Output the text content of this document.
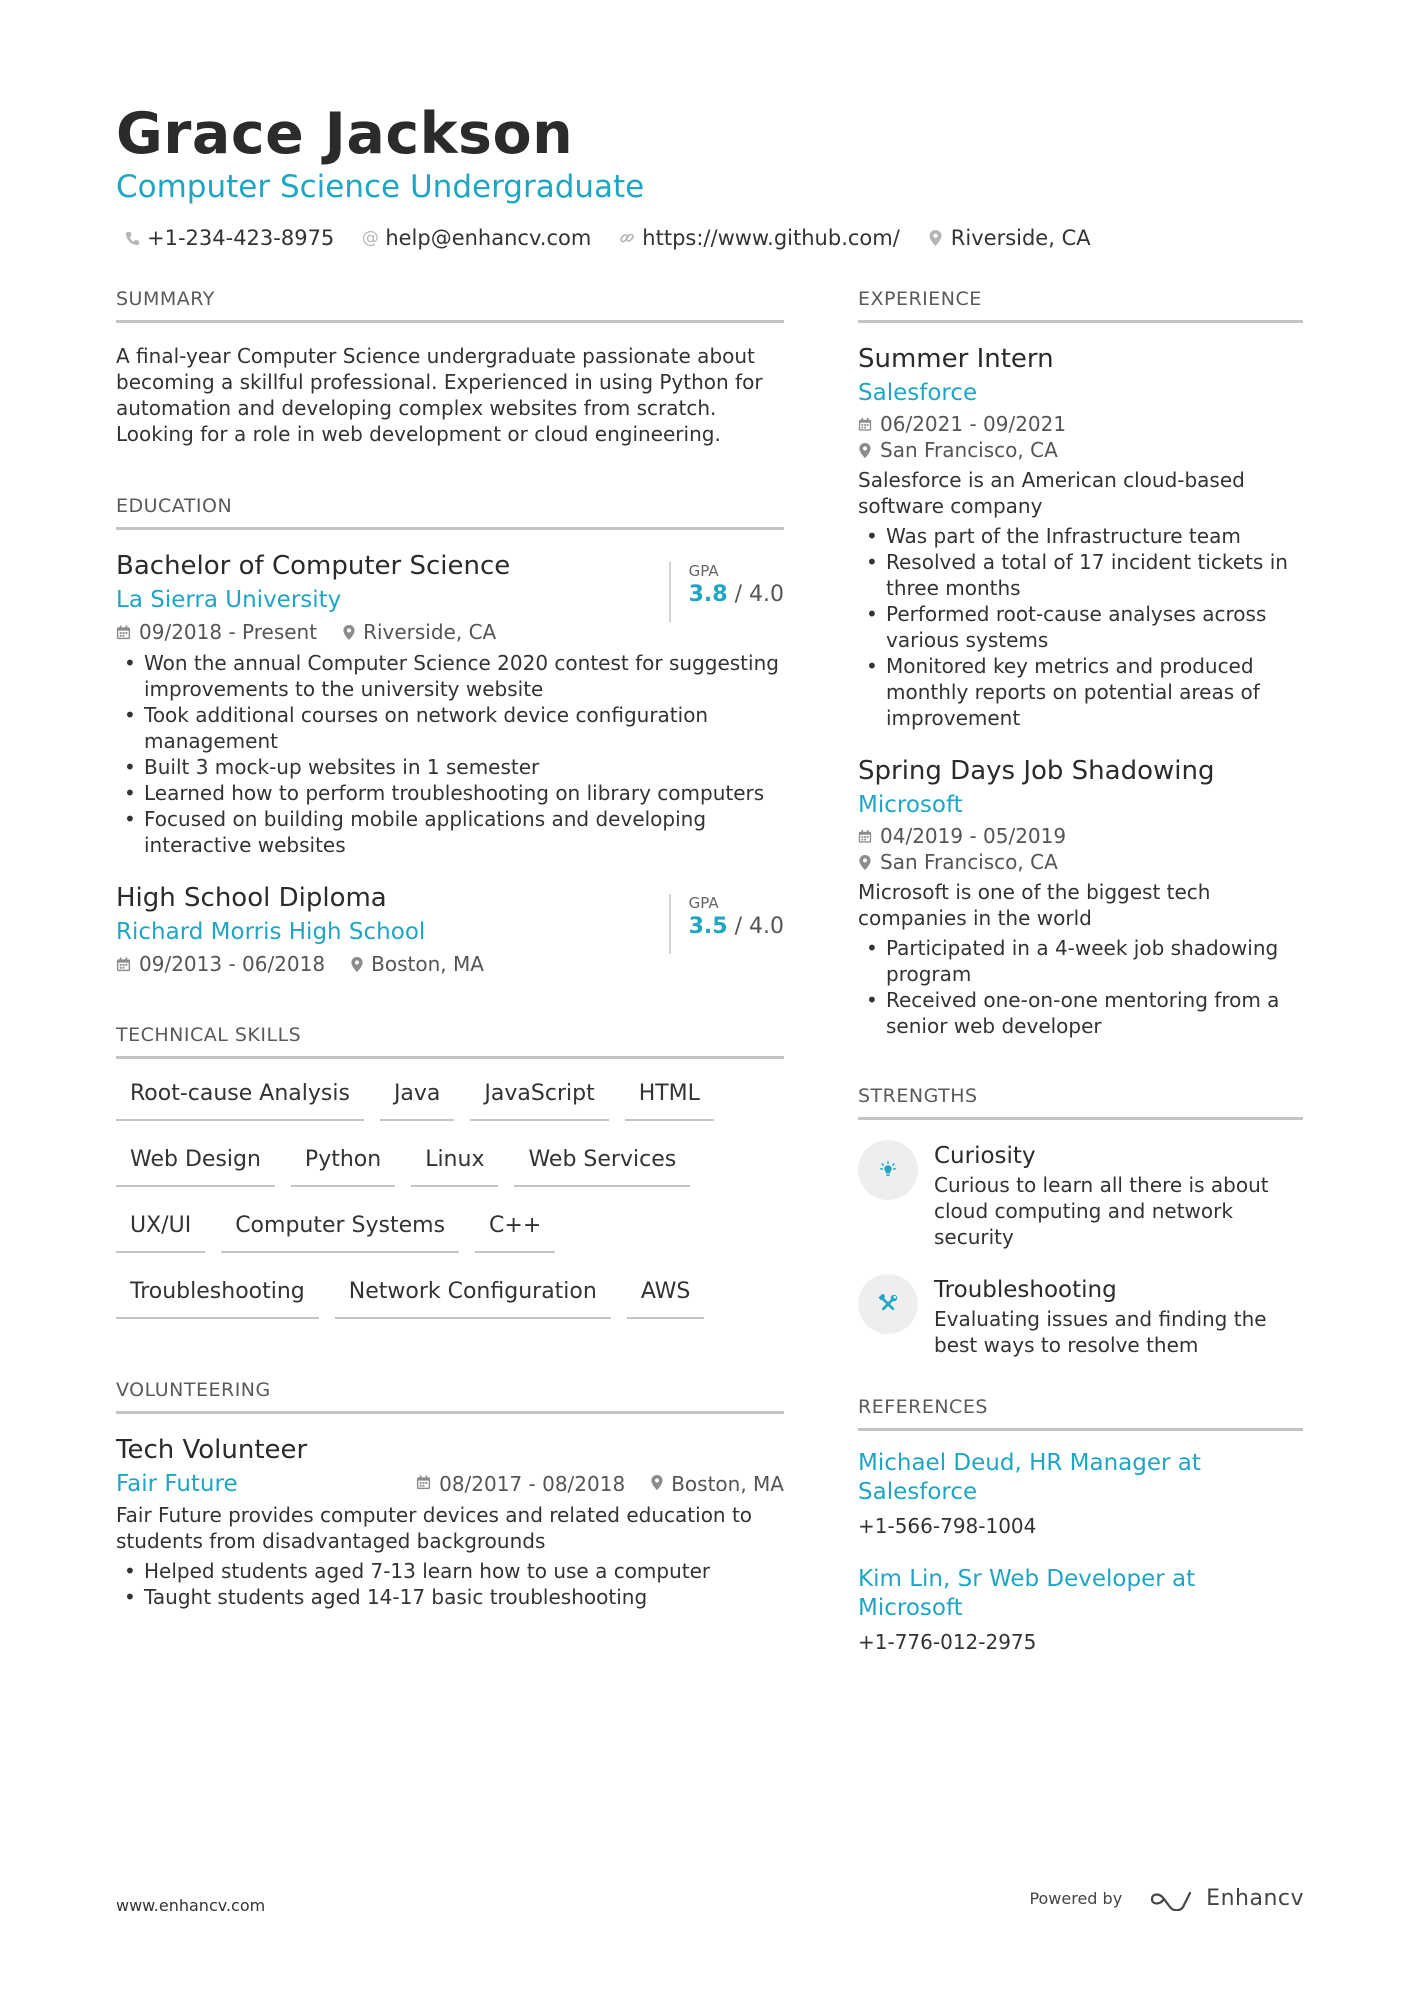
Grace Jackson
Computer Science Undergraduate
+1-234-423-8975 @ help@enhancv.com https://www.github.com/ Riverside, CA
SUMMARY

A final-year Computer Science undergraduate passionate about becoming a skillful professional. Experienced in using Python for automation and developing complex websites from scratch. Looking for a role in web development or cloud engineering.

EDUCATION
Bachelor of Computer Science
La Sierra University
09/2018 - Present Riverside, CA
GPA
3.8 / 4.0
• Won the annual Computer Science 2020 contest for suggesting improvements to the university website
• Took additional courses on network device configuration management
• Built 3 mock-up websites in 1 semester
• Learned how to perform troubleshooting on library computers
• Focused on building mobile applications and developing interactive websites
High School Diploma
Richard Morris High School
09/2013 - 06/2018 Boston, MA
GPA
3.5 / 4.0
TECHNICAL SKILLS
Root-cause Analysis	Java	JavaScript	HTML
Web Design	Python	Linux	Web Services
UX/UI	Computer Systems	C++
Troubleshooting	Network Configuration	AWS
VOLUNTEERING
Tech Volunteer
Fair Future	08/2017 - 08/2018 Boston, MA

Fair Future provides computer devices and related education to students from disadvantaged backgrounds

• Helped students aged 7-13 learn how to use a computer
• Taught students aged 14-17 basic troubleshooting
EXPERIENCE
Summer Intern
Salesforce
06/2021 - 09/2021
San Francisco, CA

Salesforce is an American cloud-based software company

• Was part of the Infrastructure team
• Resolved a total of 17 incident tickets in three months
• Performed root-cause analyses across various systems
• Monitored key metrics and produced monthly reports on potential areas of improvement
Spring Days Job Shadowing
Microsoft
04/2019 - 05/2019
San Francisco, CA

Microsoft is one of the biggest tech companies in the world

• Participated in a 4-week job shadowing program
• Received one-on-one mentoring from a senior web developer
STRENGTHS
Curiosity
Curious to learn all there is about cloud computing and network security
Troubleshooting
Evaluating issues and finding the best ways to resolve them
REFERENCES
Michael Deud, HR Manager at Salesforce
+1-566-798-1004
Kim Lin, Sr Web Developer at Microsoft
+1-776-012-2975
www.enhancv.com	Powered by	Enhancv
